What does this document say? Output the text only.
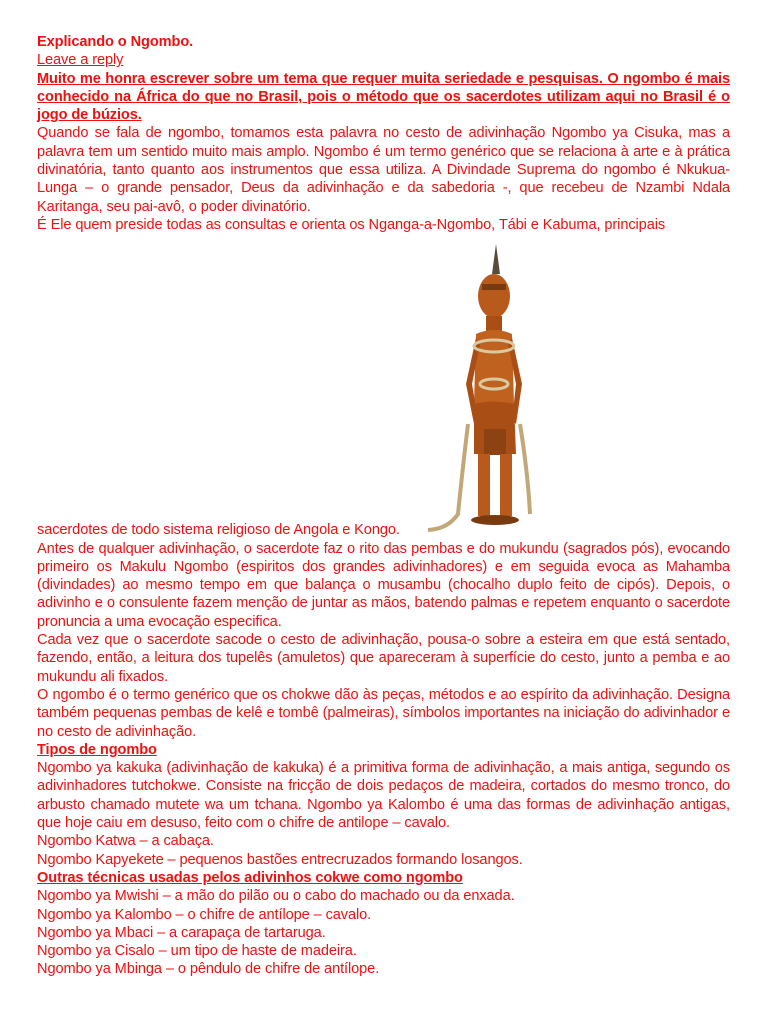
Explicando o Ngombo.

Leave a reply

Muito me honra escrever sobre um tema que requer muita seriedade e pesquisas. O ngombo é mais conhecido na África do que no Brasil, pois o método que os sacerdotes utilizam aqui no Brasil é o jogo de búzios.

Quando se fala de ngombo, tomamos esta palavra no cesto de adivinhação Ngombo ya Cisuka, mas a palavra tem um sentido muito mais amplo. Ngombo é um termo genérico que se relaciona à arte e à prática divinatória, tanto quanto aos instrumentos que essa utiliza. A Divindade Suprema do ngombo é Nkukua-Lunga – o grande pensador, Deus da adivinhação e da sabedoria -, que recebeu de Nzambi Ndala Karitanga, seu pai-avô, o poder divinatório.

É Ele quem preside todas as consultas e orienta os Nganga-a-Ngombo, Tábi e Kabuma, principais

sacerdotes de todo sistema religioso de Angola e Kongo.

Antes de qualquer adivinhação, o sacerdote faz o rito das pembas e do mukundu (sagrados pós), evocando primeiro os Makulu Ngombo (espiritos dos grandes adivinhadores) e em seguida evoca as Mahamba (divindades) ao mesmo tempo em que balança o musambu (chocalho duplo feito de cipós). Depois, o adivinho e o consulente fazem menção de juntar as mãos, batendo palmas e repetem enquanto o sacerdote pronuncia a uma evocação especifica.

Cada vez que o sacerdote sacode o cesto de adivinhação, pousa-o sobre a esteira em que está sentado, fazendo, então, a leitura dos tupelês (amuletos) que apareceram à superfície do cesto, junto a pemba e ao mukundu ali fixados.

O ngombo é o termo genérico que os chokwe dão às peças, métodos e ao espírito da adivinhação. Designa também pequenas pembas de kelê e tombê (palmeiras), símbolos importantes na iniciação do adivinhador e no cesto de adivinhação.

Tipos de ngombo

Ngombo ya kakuka (adivinhação de kakuka) é a primitiva forma de adivinhação, a mais antiga, segundo os adivinhadores tutchokwe. Consiste na fricção de dois pedaços de madeira, cortados do mesmo tronco, do arbusto chamado mutete wa um tchana. Ngombo ya Kalombo é uma das formas de adivinhação antigas, que hoje caiu em desuso, feito com o chifre de antilope – cavalo.

Ngombo Katwa – a cabaça.

Ngombo Kapyekete – pequenos bastões entrecruzados formando losangos.

Outras técnicas usadas pelos adivinhos cokwe como ngombo

Ngombo ya Mwishi – a mão do pilão ou o cabo do machado ou da enxada.

Ngombo ya Kalombo – o chifre de antílope – cavalo.

Ngombo ya Mbaci – a carapaça de tartaruga.

Ngombo ya Cisalo – um tipo de haste de madeira.

Ngombo ya Mbinga – o pêndulo de chifre de antílope.
